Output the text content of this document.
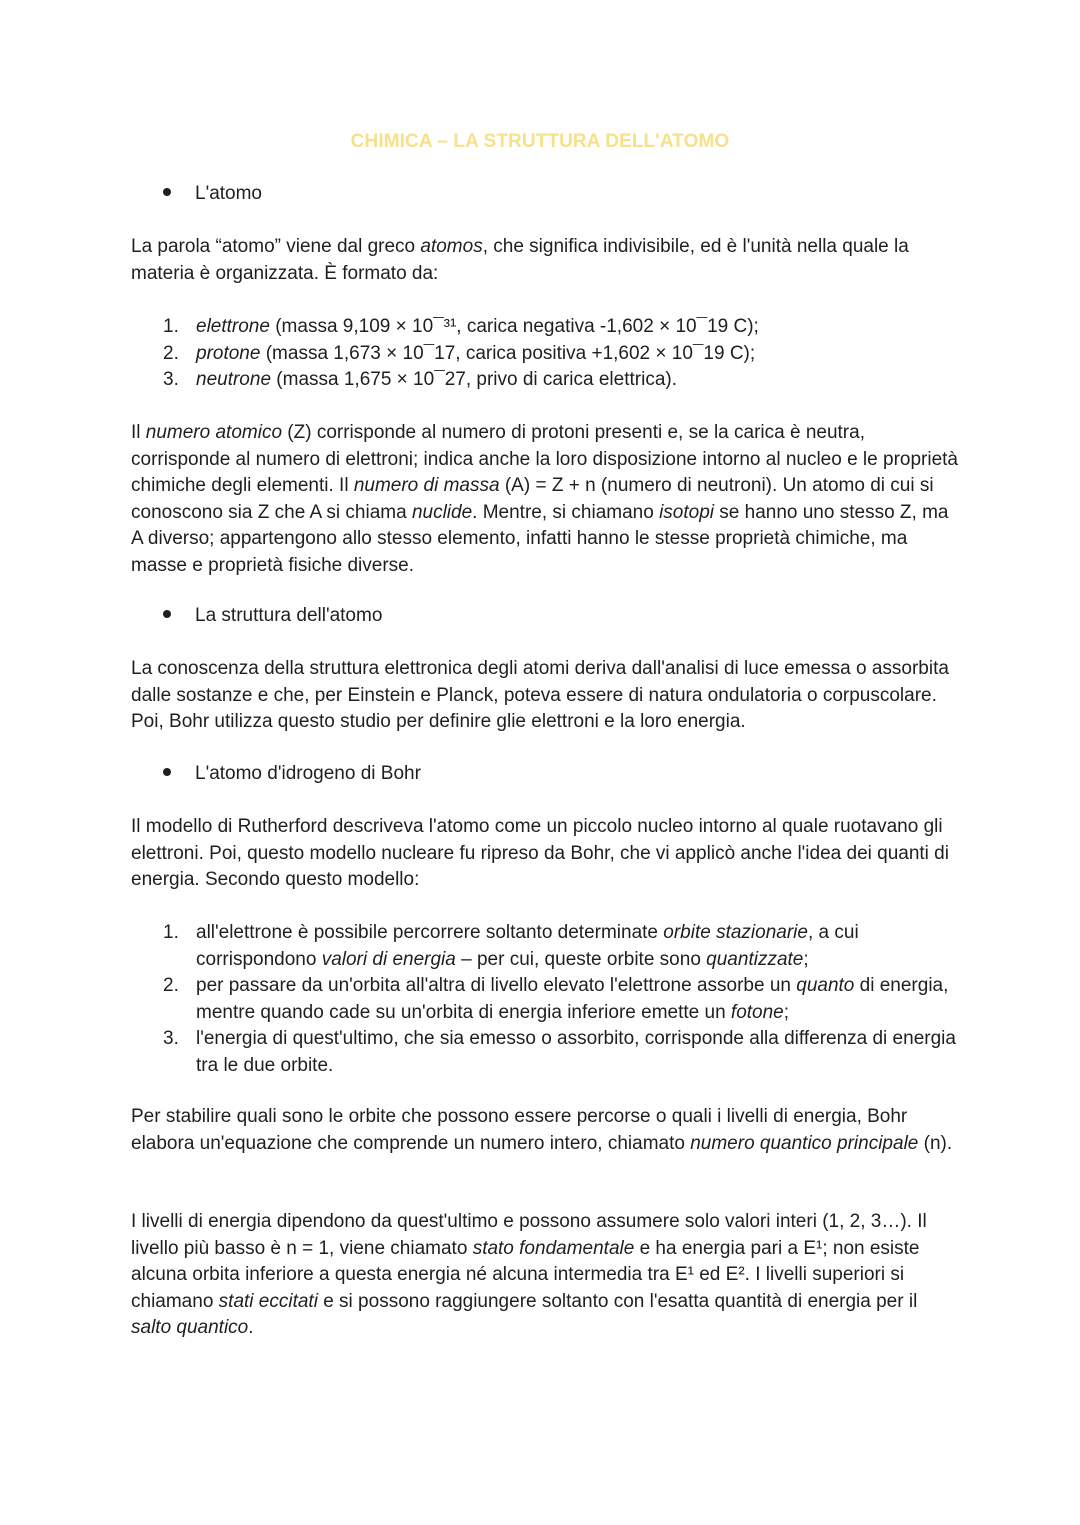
CHIMICA – LA STRUTTURA DELL'ATOMO
L'atomo

La parola “atomo” viene dal greco atomos, che significa indivisibile, ed è l'unità nella quale la materia è organizzata. È formato da:

1. elettrone (massa 9,109 × 10¯³¹, carica negativa -1,602 × 10¯19 C);
2. protone (massa 1,673 × 10¯17, carica positiva +1,602 × 10¯19 C);
3. neutrone (massa 1,675 × 10¯27, privo di carica elettrica).

Il numero atomico (Z) corrisponde al numero di protoni presenti e, se la carica è neutra, corrisponde al numero di elettroni; indica anche la loro disposizione intorno al nucleo e le proprietà chimiche degli elementi. Il numero di massa (A) = Z + n (numero di neutroni). Un atomo di cui si conoscono sia Z che A si chiama nuclide. Mentre, si chiamano isotopi se hanno uno stesso Z, ma A diverso; appartengono allo stesso elemento, infatti hanno le stesse proprietà chimiche, ma masse e proprietà fisiche diverse.

La struttura dell'atomo

La conoscenza della struttura elettronica degli atomi deriva dall'analisi di luce emessa o assorbita dalle sostanze e che, per Einstein e Planck, poteva essere di natura ondulatoria o corpuscolare. Poi, Bohr utilizza questo studio per definire glie elettroni e la loro energia.

L'atomo d'idrogeno di Bohr

Il modello di Rutherford descriveva l'atomo come un piccolo nucleo intorno al quale ruotavano gli elettroni. Poi, questo modello nucleare fu ripreso da Bohr, che vi applicò anche l'idea dei quanti di energia. Secondo questo modello:

1. all'elettrone è possibile percorrere soltanto determinate orbite stazionarie, a cui corrispondono valori di energia – per cui, queste orbite sono quantizzate;
2. per passare da un'orbita all'altra di livello elevato l'elettrone assorbe un quanto di energia, mentre quando cade su un'orbita di energia inferiore emette un fotone;
3. l'energia di quest'ultimo, che sia emesso o assorbito, corrisponde alla differenza di energia tra le due orbite.

Per stabilire quali sono le orbite che possono essere percorse o quali i livelli di energia, Bohr elabora un'equazione che comprende un numero intero, chiamato numero quantico principale (n).

I livelli di energia dipendono da quest'ultimo e possono assumere solo valori interi (1, 2, 3…). Il livello più basso è n = 1, viene chiamato stato fondamentale e ha energia pari a E¹; non esiste alcuna orbita inferiore a questa energia né alcuna intermedia tra E¹ ed E². I livelli superiori si chiamano stati eccitati e si possono raggiungere soltanto con l'esatta quantità di energia per il salto quantico.
